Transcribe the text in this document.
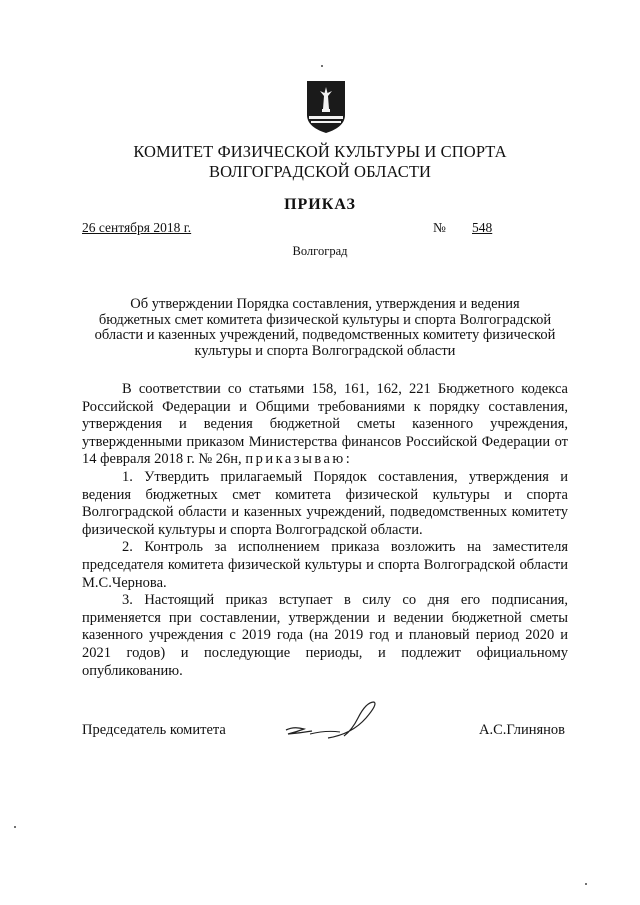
КОМИТЕТ ФИЗИЧЕСКОЙ КУЛЬТУРЫ И СПОРТА
ВОЛГОГРАДСКОЙ ОБЛАСТИ
ПРИКАЗ
26 сентября 2018 г.	№ 548
Волгоград
Об утверждении Порядка составления, утверждения и ведения
бюджетных смет комитета физической культуры и спорта Волгоградской
области и казенных учреждений, подведомственных комитету физической
культуры и спорта Волгоградской области

В соответствии со статьями 158, 161, 162, 221 Бюджетного кодекса Российской Федерации и Общими требованиями к порядку составления, утверждения и ведения бюджетной сметы казенного учреждения, утвержденными приказом Министерства финансов Российской Федерации от 14 февраля 2018 г. № 26н, приказываю:

1. Утвердить прилагаемый Порядок составления, утверждения и ведения бюджетных смет комитета физической культуры и спорта Волгоградской области и казенных учреждений, подведомственных комитету физической культуры и спорта Волгоградской области.

2. Контроль за исполнением приказа возложить на заместителя председателя комитета физической культуры и спорта Волгоградской области М.С.Чернова.

3. Настоящий приказ вступает в силу со дня его подписания, применяется при составлении, утверждении и ведении бюджетной сметы казенного учреждения с 2019 года (на 2019 год и плановый период 2020 и 2021 годов) и последующие периоды, и подлежит официальному опубликованию.

Председатель комитета	А.С.Глинянов
